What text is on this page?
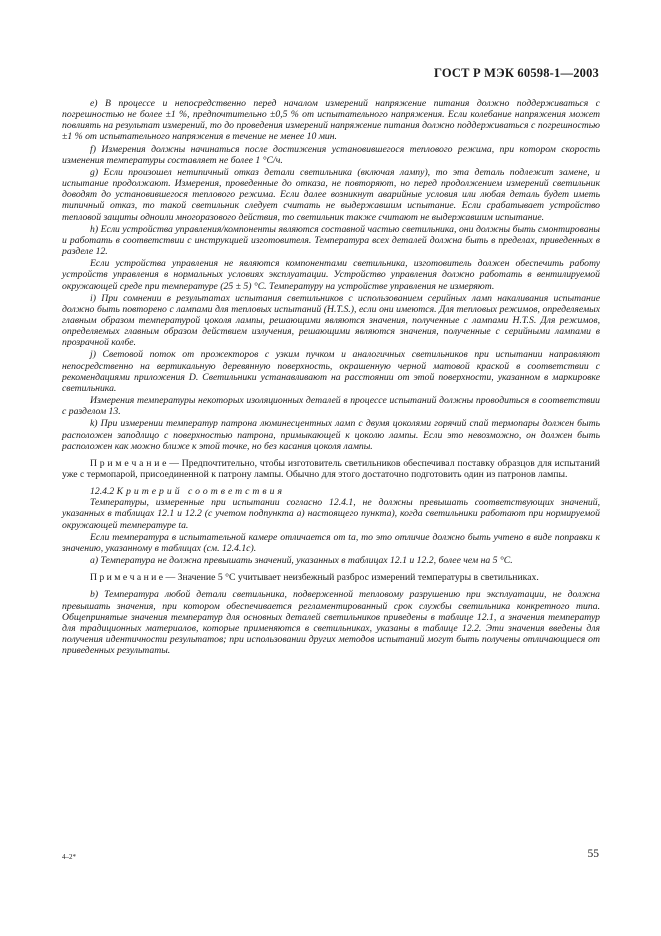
ГОСТ Р МЭК 60598-1—2003

e) В процессе и непосредственно перед началом измерений напряжение питания должно поддерживаться с погрешностью не более ±1 %, предпочтительно ±0,5 % от испытательного напряжения. Если колебание напряжения может повлиять на результат измерений, то до проведения измерений напряжение питания должно поддерживаться с погрешностью ±1 % от испытательного напряжения в течение не менее 10 мин.

f) Измерения должны начинаться после достижения установившегося теплового режима, при котором скорость изменения температуры составляет не более 1 °С/ч.

g) Если произошел нетипичный отказ детали светильника (включая лампу), то эта деталь подлежит замене, и испытание продолжают. Измерения, проведенные до отказа, не повторяют, но перед продолжением измерений светильник доводят до установившегося теплового режима. Если далее возникнут аварийные условия или любая деталь будет иметь типичный отказ, то такой светильник следует считать не выдержавшим испытание. Если срабатывает устройство тепловой защиты одноили многоразового действия, то светильник также считают не выдержавшим испытание.

h) Если устройства управления/компоненты являются составной частью светильника, они должны быть смонтированы и работать в соответствии с инструкцией изготовителя. Температура всех деталей должна быть в пределах, приведенных в разделе 12.

Если устройства управления не являются компонентами светильника, изготовитель должен обеспечить работу устройств управления в нормальных условиях эксплуатации. Устройство управления должно работать в вентилируемой окружающей среде при температуре (25 ± 5) °С. Температуру на устройстве управления не измеряют.

i) При сомнении в результатах испытания светильников с использованием серийных ламп накаливания испытание должно быть повторено с лампами для тепловых испытаний (H.T.S.), если они имеются. Для тепловых режимов, определяемых главным образом температурой цоколя лампы, решающими являются значения, полученные с лампами H.T.S. Для режимов, определяемых главным образом действием излучения, решающими являются значения, полученные с серийными лампами в прозрачной колбе.

j) Световой поток от прожекторов с узким пучком и аналогичных светильников при испытании направляют непосредственно на вертикальную деревянную поверхность, окрашенную черной матовой краской в соответствии с рекомендациями приложения D. Светильники устанавливают на расстоянии от этой поверхности, указанном в маркировке светильника.

Измерения температуры некоторых изоляционных деталей в процессе испытаний должны проводиться в соответствии с разделом 13.

k) При измерении температур патрона люминесцентных ламп с двумя цоколями горячий спай термопары должен быть расположен заподлицо с поверхностью патрона, примыкающей к цоколю лампы. Если это невозможно, он должен быть расположен как можно ближе к этой точке, но без касания цоколя лампы.

П р и м е ч а н и е — Предпочтительно, чтобы изготовитель светильников обеспечивал поставку образцов для испытаний уже с термопарой, присоединенной к патрону лампы. Обычно для этого достаточно подготовить один из патронов лампы.

12.4.2 Критерий соответствия

Температуры, измеренные при испытании согласно 12.4.1, не должны превышать соответствующих значений, указанных в таблицах 12.1 и 12.2 (с учетом подпункта а) настоящего пункта), когда светильники работают при нормируемой окружающей температуре ta.

Если температура в испытательной камере отличается от ta, то это отличие должно быть учтено в виде поправки к значению, указанному в таблицах (см. 12.4.1c).

a) Температура не должна превышать значений, указанных в таблицах 12.1 и 12.2, более чем на 5 °С.

П р и м е ч а н и е — Значение 5 °С учитывает неизбежный разброс измерений температуры в светильниках.

b) Температура любой детали светильника, подверженной тепловому разрушению при эксплуатации, не должна превышать значения, при котором обеспечивается регламентированный срок службы светильника конкретного типа. Общепринятые значения температур для основных деталей светильников приведены в таблице 12.1, а значения температур для традиционных материалов, которые применяются в светильниках, указаны в таблице 12.2. Эти значения введены для получения идентичности результатов; при использовании других методов испытаний могут быть получены отличающиеся от приведенных результаты.

4–2*	55
